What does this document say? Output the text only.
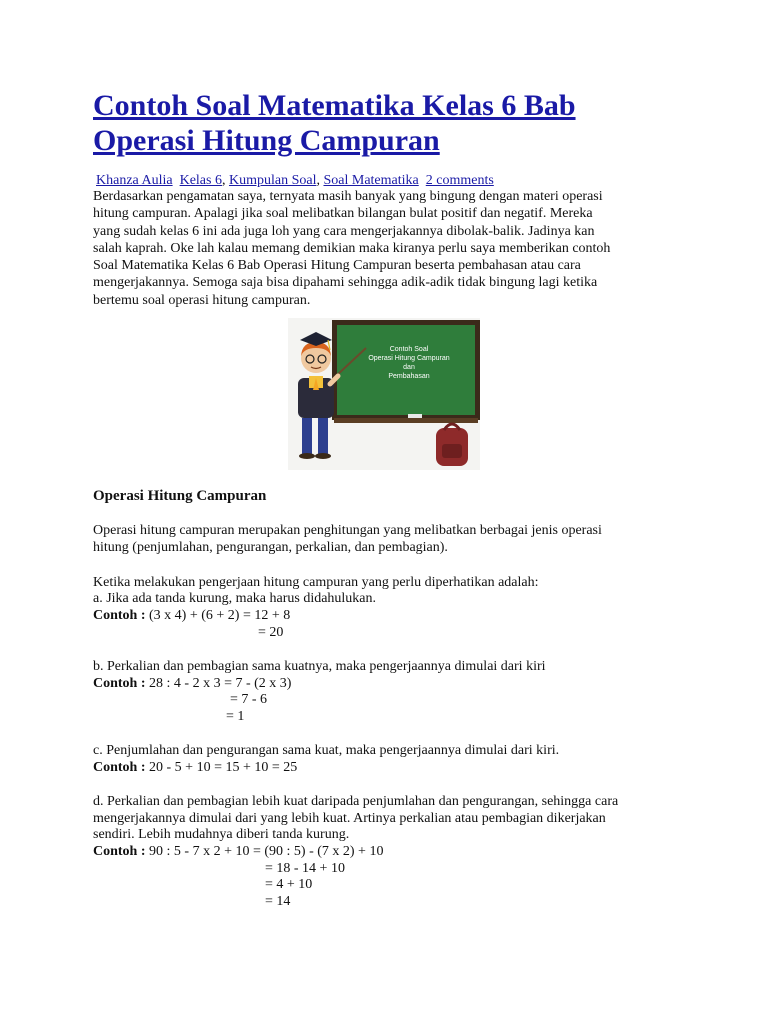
Contoh Soal Matematika Kelas 6 Bab
Operasi Hitung Campuran
Khanza Aulia Kelas 6, Kumpulan Soal, Soal Matematika 2 comments

Berdasarkan pengamatan saya, ternyata masih banyak yang bingung dengan materi operasi
hitung campuran. Apalagi jika soal melibatkan bilangan bulat positif dan negatif. Mereka
yang sudah kelas 6 ini ada juga loh yang cara mengerjakannya dibolak-balik. Jadinya kan
salah kaprah. Oke lah kalau memang demikian maka kiranya perlu saya memberikan contoh
Soal Matematika Kelas 6 Bab Operasi Hitung Campuran beserta pembahasan atau cara
mengerjakannya. Semoga saja bisa dipahami sehingga adik-adik tidak bingung lagi ketika
bertemu soal operasi hitung campuran.

Contoh Soal
Operasi Hitung Campuran
dan
Pembahasan
Operasi Hitung Campuran

Operasi hitung campuran merupakan penghitungan yang melibatkan berbagai jenis operasi
hitung (penjumlahan, pengurangan, perkalian, dan pembagian).

Ketika melakukan pengerjaan hitung campuran yang perlu diperhatikan adalah:

a. Jika ada tanda kurung, maka harus didahulukan.

Contoh : (3 x 4) + (6 + 2) = 12 + 8

= 20

b. Perkalian dan pembagian sama kuatnya, maka pengerjaannya dimulai dari kiri

Contoh : 28 : 4 - 2 x 3 = 7 - (2 x 3)

= 7 - 6

= 1

c. Penjumlahan dan pengurangan sama kuat, maka pengerjaannya dimulai dari kiri.

Contoh : 20 - 5 + 10 = 15 + 10 = 25

d. Perkalian dan pembagian lebih kuat daripada penjumlahan dan pengurangan, sehingga cara

mengerjakannya dimulai dari yang lebih kuat. Artinya perkalian atau pembagian dikerjakan

sendiri. Lebih mudahnya diberi tanda kurung.

Contoh : 90 : 5 - 7 x 2 + 10 = (90 : 5) - (7 x 2) + 10

= 18 - 14 + 10

= 4 + 10

= 14
